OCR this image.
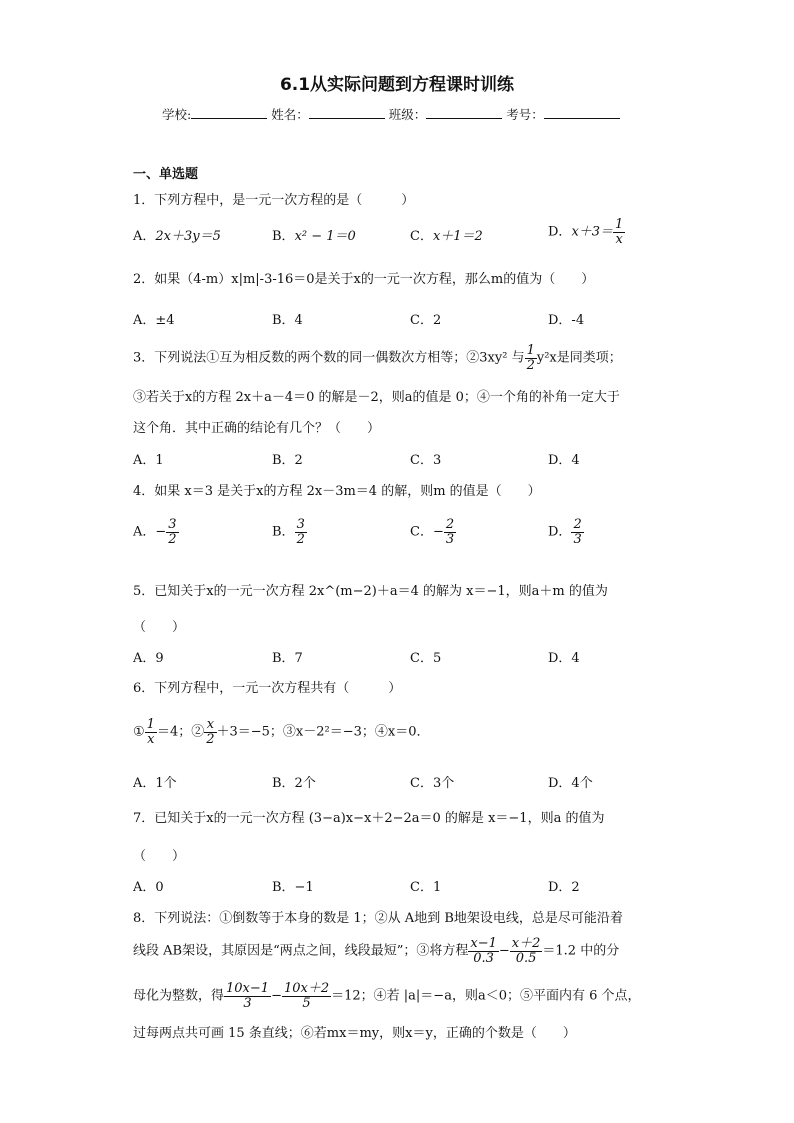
6.1从实际问题到方程课时训练
学校:	姓名：	班级：	考号：
一、单选题
1．下列方程中，是一元一次方程的是（　　　）
A．2x＋3y＝5	B．x² − 1＝0	C．x＋1＝2	D．$x+3= \frac{1}{x}$
2．如果（4-m）x|m|-3-16＝0是关于x的一元一次方程，那么m的值为（　　）
A．±4	B．4	C．2	D．-4
3．下列说法①互为相反数的两个数的同一偶数次方相等；②3xy² 与 $\frac{1}{2} y^2x$是同类项；
③若关于x的方程 2x＋a－4＝0 的解是－2，则a的值是 0；④一个角的补角一定大于
这个角．其中正确的结论有几个？（　　）
A．1	B．2	C．3	D．4
4．如果 x＝3 是关于x的方程 2x－3m＝4 的解，则m 的值是（　　）
A．− $\frac{3}{2}$	B． $\frac{3}{2}$	C．− $\frac{2}{3}$	D． $\frac{2}{3}$
5．已知关于x的一元一次方程 2x^(m−2)＋a＝4 的解为 x＝−1，则a＋m 的值为
（　　）
A．9	B．7	C．5	D．4
6．下列方程中，一元一次方程共有（　　　）
① $\frac{1}{x} =4$；② $\frac{x}{2} +3=-5$；③x－2²＝−3；④x＝0．
A．1个	B．2个	C．3个	D．4个
7．已知关于x的一元一次方程 (3−a)x−x＋2−2a＝0 的解是 x＝−1，则a 的值为
（　　）
A．0	B．−1	C．1	D．2
8．下列说法：①倒数等于本身的数是 1；②从 A地到 B地架设电线，总是尽可能沿着
线段 AB架设，其原因是“两点之间，线段最短”；③将方程 $\frac{x-1}{0.3} - \frac{x+2}{0.5} =1.2$ 中的分
母化为整数，得 $\frac{10x-1}{3} - \frac{10x+2}{5} =12$；④若 |a|＝−a，则a＜0；⑤平面内有 6 个点，
过每两点共可画 15 条直线；⑥若mx＝my，则x＝y，正确的个数是（　　）
